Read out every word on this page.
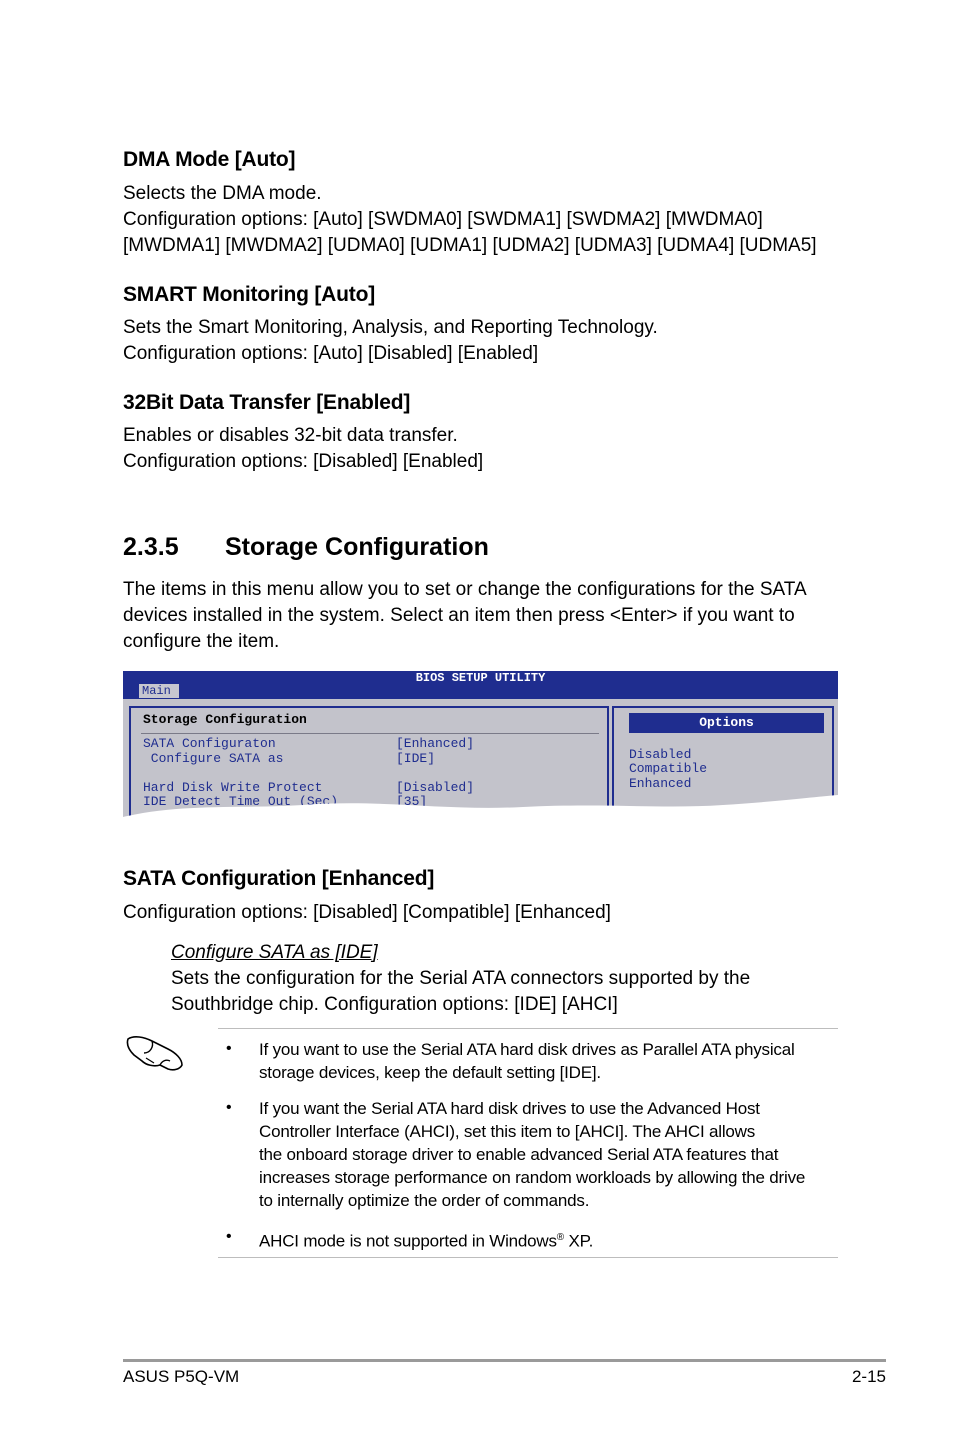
DMA Mode [Auto]
Selects the DMA mode.
Configuration options: [Auto] [SWDMA0] [SWDMA1] [SWDMA2] [MWDMA0]
[MWDMA1] [MWDMA2] [UDMA0] [UDMA1] [UDMA2] [UDMA3] [UDMA4] [UDMA5]
SMART Monitoring [Auto]
Sets the Smart Monitoring, Analysis, and Reporting Technology.
Configuration options: [Auto] [Disabled] [Enabled]
32Bit Data Transfer [Enabled]
Enables or disables 32-bit data transfer.
Configuration options: [Disabled] [Enabled]
2.3.5 Storage Configuration
The items in this menu allow you to set or change the configurations for the SATA
devices installed in the system. Select an item then press <Enter> if you want to
configure the item.
BIOS SETUP UTILITY
Main
Storage Configuration
SATA Configuraton	[Enhanced]
Configure SATA as	[IDE]
Hard Disk Write Protect	[Disabled]
IDE Detect Time Out (Sec)	[35]
Options
Disabled
Compatible
Enhanced
SATA Configuration [Enhanced]
Configuration options: [Disabled] [Compatible] [Enhanced]
Configure SATA as [IDE]
Sets the configuration for the Serial ATA connectors supported by the
Southbridge chip. Configuration options: [IDE] [AHCI]
• If you want to use the Serial ATA hard disk drives as Parallel ATA physical
storage devices, keep the default setting [IDE].
• If you want the Serial ATA hard disk drives to use the Advanced Host
Controller Interface (AHCI), set this item to [AHCI]. The AHCI allows
the onboard storage driver to enable advanced Serial ATA features that
increases storage performance on random workloads by allowing the drive
to internally optimize the order of commands.
• AHCI mode is not supported in Windows® XP.
ASUS P5Q-VM	2-15
